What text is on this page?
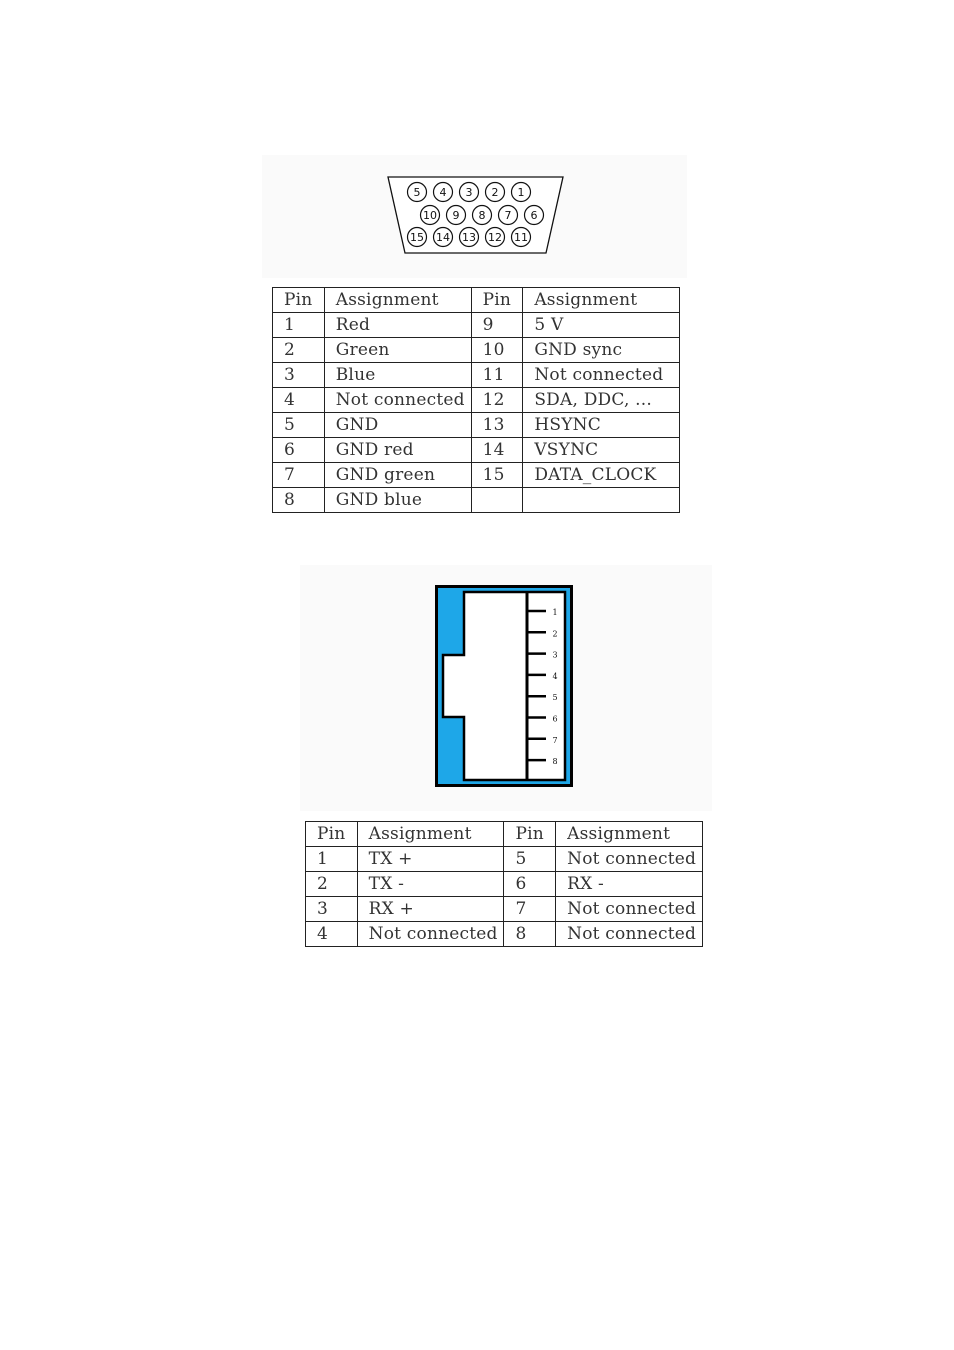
5 4 3 2 1
10 9 8 7 6
15 14 13 12 11
Pin	Assignment	Pin	Assignment
1	Red	9	5 V
2	Green	10	GND sync
3	Blue	11	Not connected
4	Not connected	12	SDA, DDC, ...
5	GND	13	HSYNC
6	GND red	14	VSYNC
7	GND green	15	DATA_CLOCK
8	GND blue		
1
2
3
4
5
6
7
8
Pin	Assignment	Pin	Assignment
1	TX +	5	Not connected
2	TX -	6	RX -
3	RX +	7	Not connected
4	Not connected	8	Not connected
